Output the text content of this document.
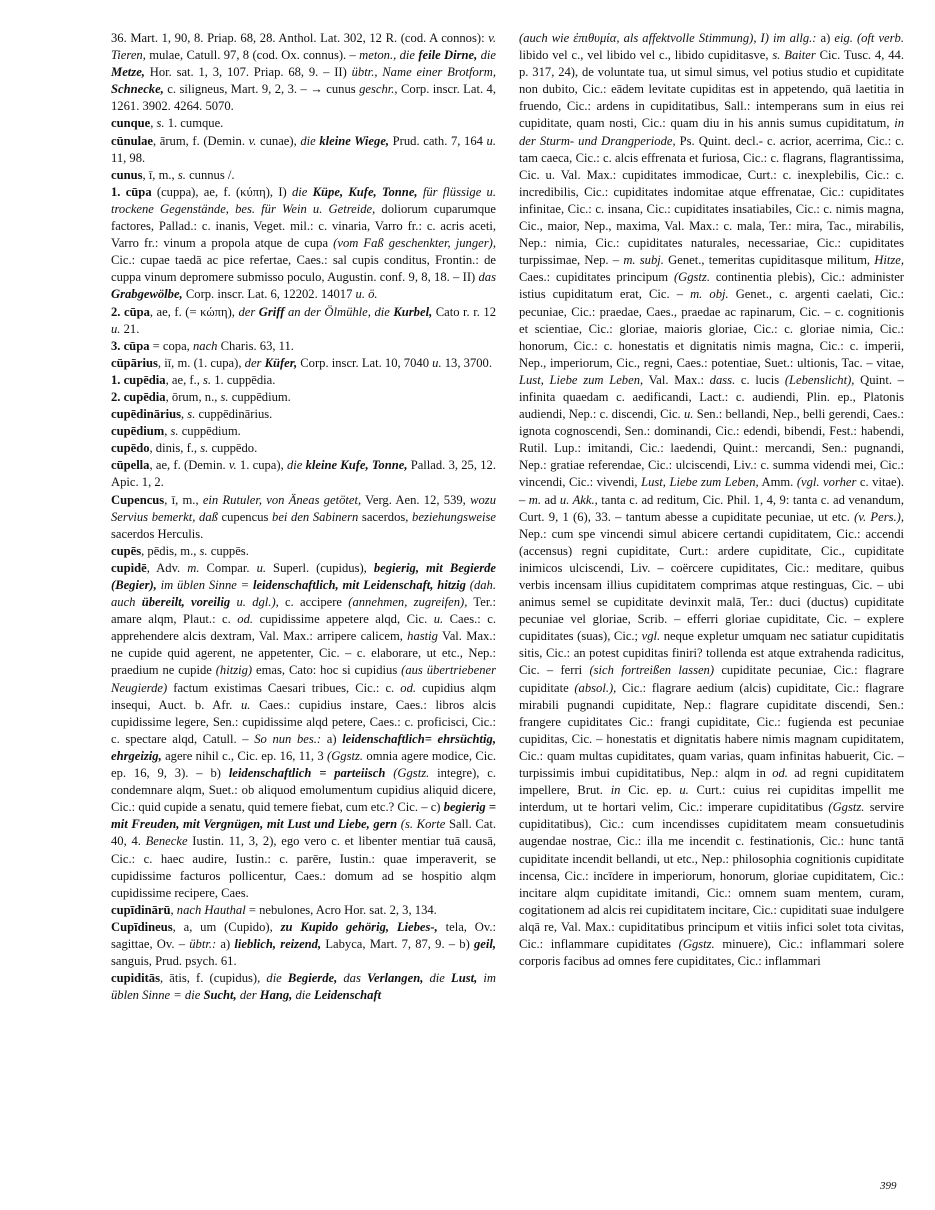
36. Mart. 1, 90, 8. Priap. 68, 28. Anthol. Lat. 302, 12 R. (cod. A connos): v. Tieren, mulae, Catull. 97, 8 (cod. Ox. connus). – meton., die feile Dirne, die Metze, Hor. sat. 1, 3, 107. Priap. 68, 9. – II) übtr., Name einer Brotform, Schnecke, c. siligneus, Mart. 9, 2, 3. – → cunus geschr., Corp. inscr. Lat. 4, 1261. 3902. 4264. 5070.

cunque, s. 1. cumque.

cūnulae, ārum, f. (Demin. v. cunae), die kleine Wiege, Prud. cath. 7, 164 u. 11, 98.

cunus, ī, m., s. cunnus /.

1. cūpa (cuppa), ae, f. (κύπη), I) die Küpe, Kufe, Tonne, für flüssige u. trockene Gegenstände, bes. für Wein u. Getreide, doliorum cuparumque factores, Pallad.: c. inanis, Veget. mil.: c. vinaria, Varro fr.: c. acris aceti, Varro fr.: vinum a propola atque de cupa (vom Faß geschenkter, junger), Cic.: cupae taedā ac pice refertae, Caes.: sal cupis conditus, Frontin.: de cuppa vinum depromere submisso poculo, Augustin. conf. 9, 8, 18. – II) das Grabgewölbe, Corp. inscr. Lat. 6, 12202. 14017 u. ö.

2. cūpa, ae, f. (= κώπη), der Griff an der Ölmühle, die Kurbel, Cato r. r. 12 u. 21.

3. cūpa = copa, nach Charis. 63, 11.

cūpārius, iī, m. (1. cupa), der Küfer, Corp. inscr. Lat. 10, 7040 u. 13, 3700.

1. cupēdia, ae, f., s. 1. cuppēdia.

2. cupēdia, ōrum, n., s. cuppēdium.

cupēdinārius, s. cuppēdinārius.

cupēdium, s. cuppēdium.

cupēdo, dinis, f., s. cuppēdo.

cūpella, ae, f. (Demin. v. 1. cupa), die kleine Kufe, Tonne, Pallad. 3, 25, 12. Apic. 1, 2.

Cupencus, ī, m., ein Rutuler, von Äneas getötet, Verg. Aen. 12, 539, wozu Servius bemerkt, daß cupencus bei den Sabinern sacerdos, beziehungsweise sacerdos Herculis.

cupēs, pēdis, m., s. cuppēs.

cupidē, Adv. m. Compar. u. Superl. (cupidus), begierig, mit Begierde (Begier), im üblen Sinne = leidenschaftlich, mit Leidenschaft, hitzig (dah. auch übereilt, voreilig u. dgl.), c. accipere (annehmen, zugreifen), Ter.: amare alqm, Plaut.: c. od. cupidissime appetere alqd, Cic. u. Caes.: c. apprehendere alcis dextram, Val. Max.: arripere calicem, hastig Val. Max.: ne cupide quid agerent, ne appetenter, Cic. – c. elaborare, ut etc., Nep.: praedium ne cupide (hitzig) emas, Cato: hoc si cupidius (aus übertriebener Neugierde) factum existimas Caesari tribues, Cic.: c. od. cupidius alqm insequi, Auct. b. Afr. u. Caes.: cupidius instare, Caes.: libros alcis cupidissime legere, Sen.: cupidissime alqd petere, Caes.: c. proficisci, Cic.: c. spectare alqd, Catull. – So nun bes.: a) leidenschaftlich= ehrsüchtig, ehrgeizig, agere nihil c., Cic. ep. 16, 11, 3 (Ggstz. omnia agere modice, Cic. ep. 16, 9, 3). – b) leidenschaftlich = parteiisch (Ggstz. integre), c. condemnare alqm, Suet.: ob aliquod emolumentum cupidius aliquid dicere, Cic.: quid cupide a senatu, quid temere fiebat, cum etc.? Cic. – c) begierig = mit Freuden, mit Vergnügen, mit Lust und Liebe, gern (s. Korte Sall. Cat. 40, 4. Benecke Iustin. 11, 3, 2), ego vero c. et libenter mentiar tuā causā, Cic.: c. haec audire, Iustin.: c. parēre, Iustin.: quae imperaverit, se cupidissime facturos pollicentur, Caes.: domum ad se hospitio alqm cupidissime recipere, Caes.

cupīdinārū, nach Hauthal = nebulones, Acro Hor. sat. 2, 3, 134.

Cupīdineus, a, um (Cupido), zu Kupido gehörig, Liebes-, tela, Ov.: sagittae, Ov. – übtr.: a) lieblich, reizend, Labyca, Mart. 7, 87, 9. – b) geil, sanguis, Prud. psych. 61.

cupiditās, ātis, f. (cupidus), die Begierde, das Verlangen, die Lust, im üblen Sinne = die Sucht, der Hang, die Leidenschaft

(auch wie ἐπιθυμία, als affektvolle Stimmung), I) im allg.: a) eig. (oft verb. libido vel c., vel libido vel c., libido cupiditasve, s. Baiter Cic. Tusc. 4, 44. p. 317, 24), de voluntate tua, ut simul simus, vel potius studio et cupiditate non dubito, Cic.: eādem levitate cupiditas est in appetendo, quā laetitia in fruendo, Cic.: ardens in cupiditatibus, Sall.: intemperans sum in eius rei cupiditate, quam nosti, Cic.: quam diu in his annis sumus cupiditatum, in der Sturm- und Drangperiode, Ps. Quint. decl.- c. acrior, acerrima, Cic.: c. tam caeca, Cic.: c. alcis effrenata et furiosa, Cic.: c. flagrans, flagrantissima, Cic. u. Val. Max.: cupiditates immodicae, Curt.: c. inexplebilis, Cic.: c. incredibilis, Cic.: cupiditates indomitae atque effrenatae, Cic.: cupiditates infinitae, Cic.: c. insana, Cic.: cupiditates insatiabiles, Cic.: c. nimis magna, Cic., maior, Nep., maxima, Val. Max.: c. mala, Ter.: mira, Tac., mirabilis, Nep.: nimia, Cic.: cupiditates naturales, necessariae, Cic.: cupiditates turpissimae, Nep. – m. subj. Genet., temeritas cupiditasque militum, Hitze, Caes.: cupiditates principum (Ggstz. continentia plebis), Cic.: administer istius cupiditatum erat, Cic. – m. obj. Genet., c. argenti caelati, Cic.: pecuniae, Cic.: praedae, Caes., praedae ac rapinarum, Cic. – c. cognitionis et scientiae, Cic.: gloriae, maioris gloriae, Cic.: c. gloriae nimia, Cic.: honorum, Cic.: c. honestatis et dignitatis nimis magna, Cic.: c. imperii, Nep., imperiorum, Cic., regni, Caes.: potentiae, Suet.: ultionis, Tac. – vitae, Lust, Liebe zum Leben, Val. Max.: dass. c. lucis (Lebenslicht), Quint. – infinita quaedam c. aedificandi, Lact.: c. audiendi, Plin. ep., Platonis audiendi, Nep.: c. discendi, Cic. u. Sen.: bellandi, Nep., belli gerendi, Caes.: ignota cognoscendi, Sen.: dominandi, Cic.: edendi, bibendi, Fest.: habendi, Rutil. Lup.: imitandi, Cic.: laedendi, Quint.: mercandi, Sen.: pugnandi, Nep.: gratiae referendae, Cic.: ulciscendi, Liv.: c. summa videndi mei, Cic.: vincendi, Cic.: vivendi, Lust, Liebe zum Leben, Amm. (vgl. vorher c. vitae). – m. ad u. Akk., tanta c. ad reditum, Cic. Phil. 1, 4, 9: tanta c. ad venandum, Curt. 9, 1 (6), 33. – tantum abesse a cupiditate pecuniae, ut etc. (v. Pers.), Nep.: cum spe vincendi simul abicere certandi cupiditatem, Cic.: accendi (accensus) regni cupiditate, Curt.: ardere cupiditate, Cic., cupiditate inimicos ulciscendi, Liv. – coërcere cupiditates, Cic.: meditare, quibus verbis incensam illius cupiditatem comprimas atque restinguas, Cic. – ubi animus semel se cupiditate devinxit malā, Ter.: duci (ductus) cupiditate pecuniae vel gloriae, Scrib. – efferri gloriae cupiditate, Cic. – explere cupiditates (suas), Cic.; vgl. neque expletur umquam nec satiatur cupiditatis sitis, Cic.: an potest cupiditas finiri? tollenda est atque extrahenda radicitus, Cic. – ferri (sich fortreißen lassen) cupiditate pecuniae, Cic.: flagrare cupiditate (absol.), Cic.: flagrare aedium (alcis) cupiditate, Cic.: flagrare mirabili pugnandi cupiditate, Nep.: flagrare cupiditate discendi, Sen.: frangere cupiditates Cic.: frangi cupiditate, Cic.: fugienda est pecuniae cupiditas, Cic. – honestatis et dignitatis habere nimis magnam cupiditatem, Cic.: quam multas cupiditates, quam varias, quam infinitas habuerit, Cic. – turpissimis imbui cupiditatibus, Nep.: alqm in od. ad regni cupiditatem impellere, Brut. in Cic. ep. u. Curt.: cuius rei cupiditas impellit me interdum, ut te hortari velim, Cic.: imperare cupiditatibus (Ggstz. servire cupiditatibus), Cic.: cum incendisses cupiditatem meam consuetudinis augendae nostrae, Cic.: illa me incendit c. festinationis, Cic.: hunc tantā cupiditate incendit bellandi, ut etc., Nep.: philosophia cognitionis cupiditate incensa, Cic.: incīdere in imperiorum, honorum, gloriae cupiditatem, Cic.: incitare alqm cupiditate imitandi, Cic.: omnem suam mentem, curam, cogitationem ad alcis rei cupiditatem incitare, Cic.: cupiditati suae indulgere alqā re, Val. Max.: cupiditatibus principum et vitiis infici solet tota civitas, Cic.: inflammare cupiditates (Ggstz. minuere), Cic.: inflammari solere corporis facibus ad omnes fere cupiditates, Cic.: inflammari

399
